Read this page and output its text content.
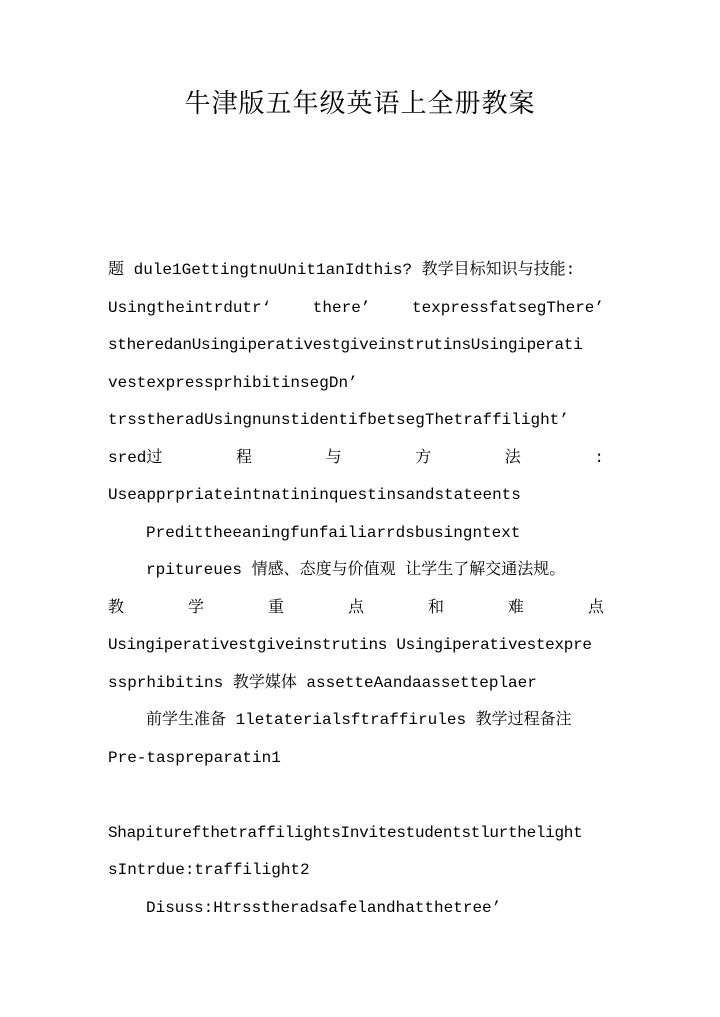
牛津版五年级英语上全册教案
题 dule1GettingtnuUnit1anIdthis? 教学目标知识与技能:
Usingtheintrdutr‘	there’	texpressfatsegThere’
stheredanUsingiperativestgiveinstrutinsUsingiperati
vestexpressprhibitinsegDn’
trsstheradUsingnunstidentifbetsegThetraffilight’
sred过	程	与	方	法	:
Useapprpriateintnatininquestinsandstateents
Predittheeaningfunfailiarrdsbusingntext
rpitureues 情感、态度与价值观 让学生了解交通法规。
教	学	重	点	和	难	点
Usingiperativestgiveinstrutins Usingiperativestexpre
ssprhibitins 教学媒体 assetteAandaassetteplaer
前学生准备 1letaterialsftraffirules 教学过程备注
Pre-taspreparatin1
ShapiturefthetraffilightsInvitestudentstlurthelight
sIntrdue:traffilight2
Disuss:Htrsstheradsafelandhatthetree’
